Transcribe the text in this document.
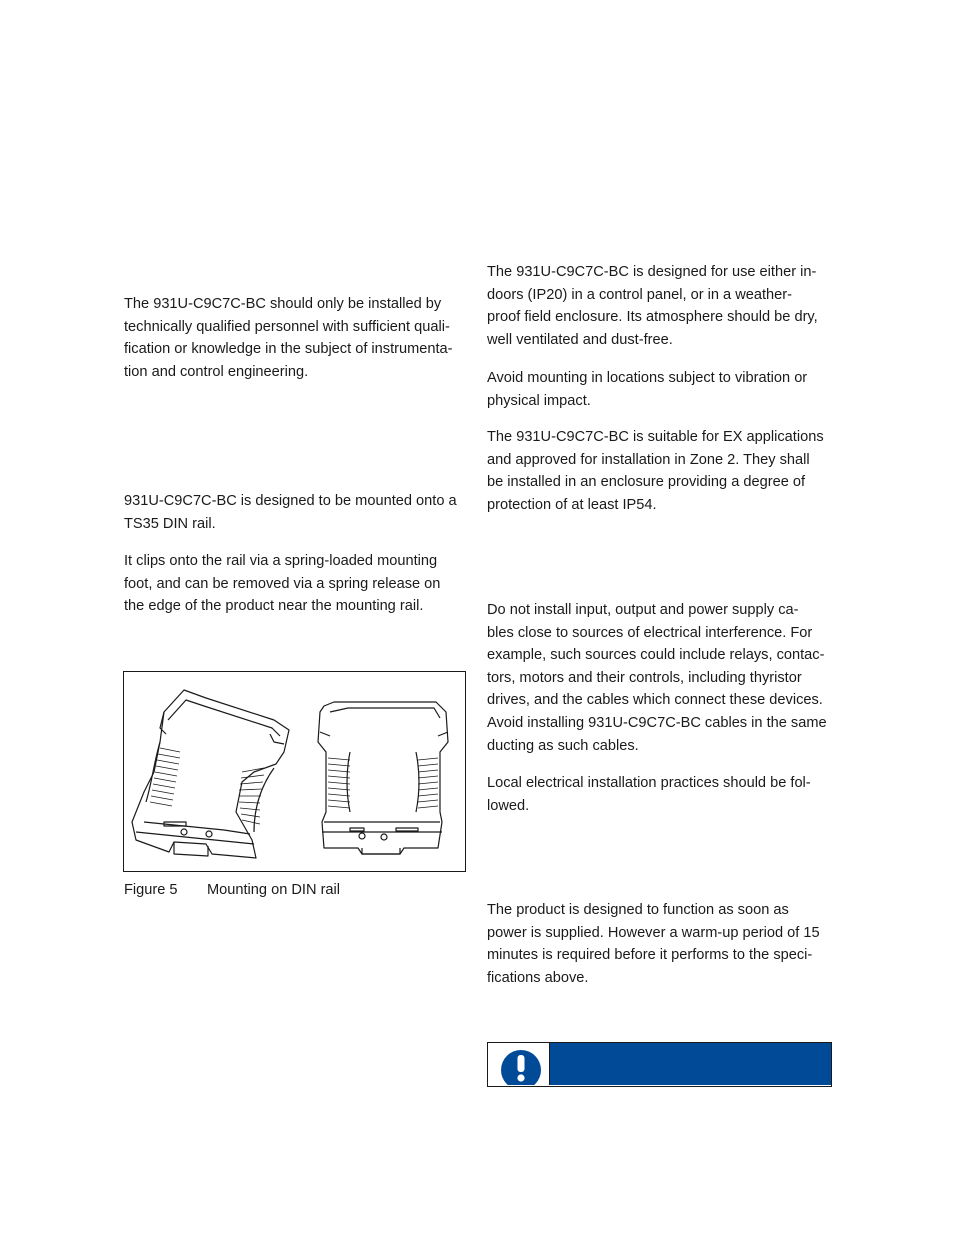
The 931U-C9C7C-BC should only be installed by
technically qualified personnel with sufficient quali-
fication or knowledge in the subject of instrumenta-
tion and control engineering.

931U-C9C7C-BC is designed to be mounted onto a
TS35 DIN rail.

It clips onto the rail via a spring-loaded mounting
foot, and can be removed via a spring release on
the edge of the product near the mounting rail.

Figure 5 Mounting on DIN rail

The 931U-C9C7C-BC is designed for use either in-
doors (IP20) in a control panel, or in a weather-
proof field enclosure. Its atmosphere should be dry,
well ventilated and dust-free.

Avoid mounting in locations subject to vibration or
physical impact.

The 931U-C9C7C-BC is suitable for EX applications
and approved for installation in Zone 2. They shall
be installed in an enclosure providing a degree of
protection of at least IP54.

Do not install input, output and power supply ca-
bles close to sources of electrical interference. For
example, such sources could include relays, contac-
tors, motors and their controls, including thyristor
drives, and the cables which connect these devices.
Avoid installing 931U-C9C7C-BC cables in the same
ducting as such cables.

Local electrical installation practices should be fol-
lowed.

The product is designed to function as soon as
power is supplied. However a warm-up period of 15
minutes is required before it performs to the speci-
fications above.
